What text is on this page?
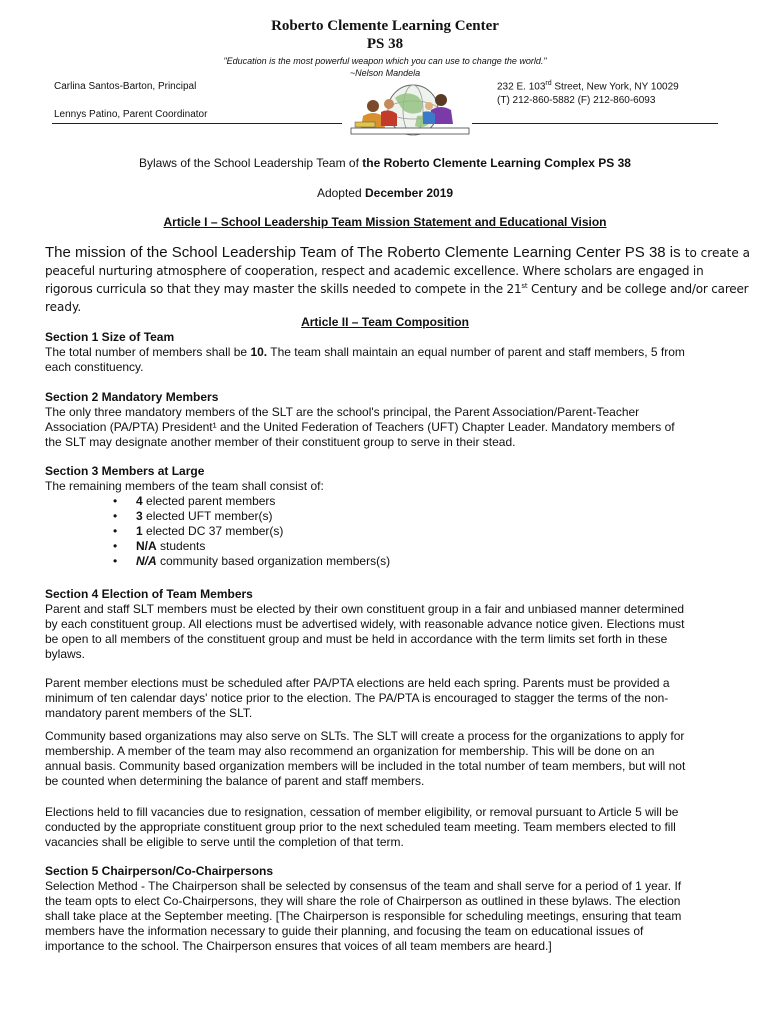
Roberto Clemente Learning Center
PS 38
"Education is the most powerful weapon which you can use to change the world."
~Nelson Mandela
Carlina Santos-Barton, Principal
Lennys Patino, Parent Coordinator
232 E. 103rd Street, New York, NY 10029
(T) 212-860-5882 (F) 212-860-6093
Bylaws of the School Leadership Team of the Roberto Clemente Learning Complex PS 38
Adopted December 2019
Article I – School Leadership Team Mission Statement and Educational Vision
The mission of the School Leadership Team of The Roberto Clemente Learning Center PS 38 is to create a
peaceful nurturing atmosphere of cooperation, respect and academic excellence. Where scholars are engaged in
rigorous curricula so that they may master the skills needed to compete in the 21st Century and be college and/or career
ready.
Article II – Team Composition
Section 1 Size of Team
The total number of members shall be 10. The team shall maintain an equal number of parent and staff members, 5 from
each constituency.
Section 2 Mandatory Members
The only three mandatory members of the SLT are the school's principal, the Parent Association/Parent-Teacher
Association (PA/PTA) President¹ and the United Federation of Teachers (UFT) Chapter Leader. Mandatory members of
the SLT may designate another member of their constituent group to serve in their stead.
Section 3 Members at Large
The remaining members of the team shall consist of:
• 4 elected parent members
• 3 elected UFT member(s)
• 1 elected DC 37 member(s)
• N/A students
• N/A community based organization members(s)
Section 4 Election of Team Members
Parent and staff SLT members must be elected by their own constituent group in a fair and unbiased manner determined
by each constituent group. All elections must be advertised widely, with reasonable advance notice given. Elections must
be open to all members of the constituent group and must be held in accordance with the term limits set forth in these
bylaws.
Parent member elections must be scheduled after PA/PTA elections are held each spring. Parents must be provided a
minimum of ten calendar days' notice prior to the election. The PA/PTA is encouraged to stagger the terms of the non-
mandatory parent members of the SLT.
Community based organizations may also serve on SLTs. The SLT will create a process for the organizations to apply for
membership. A member of the team may also recommend an organization for membership. This will be done on an
annual basis. Community based organization members will be included in the total number of team members, but will not
be counted when determining the balance of parent and staff members.
Elections held to fill vacancies due to resignation, cessation of member eligibility, or removal pursuant to Article 5 will be
conducted by the appropriate constituent group prior to the next scheduled team meeting. Team members elected to fill
vacancies shall be eligible to serve until the completion of that term.
Section 5 Chairperson/Co-Chairpersons
Selection Method - The Chairperson shall be selected by consensus of the team and shall serve for a period of 1 year. If
the team opts to elect Co-Chairpersons, they will share the role of Chairperson as outlined in these bylaws. The election
shall take place at the September meeting. [The Chairperson is responsible for scheduling meetings, ensuring that team
members have the information necessary to guide their planning, and focusing the team on educational issues of
importance to the school. The Chairperson ensures that voices of all team members are heard.]
